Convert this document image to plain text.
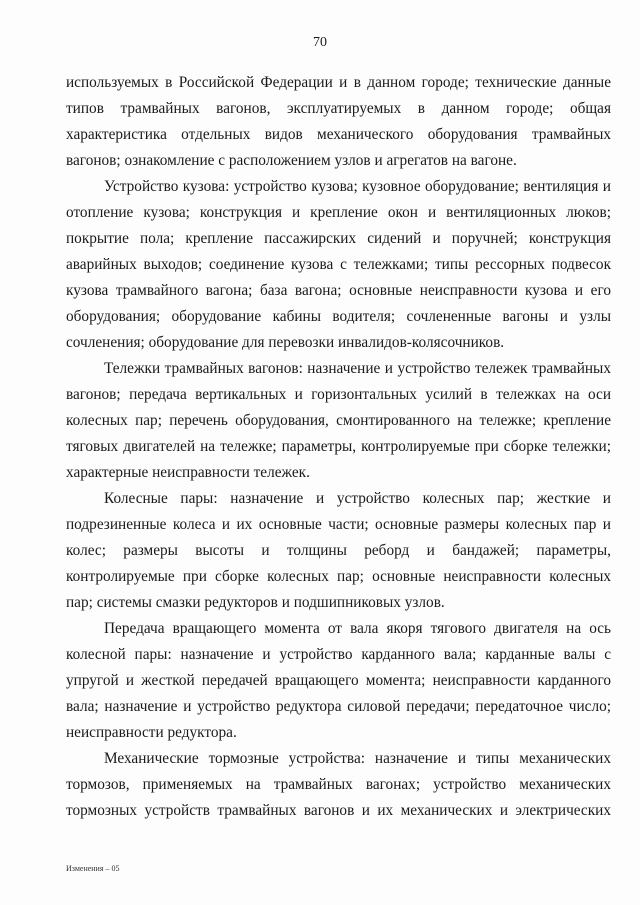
70

используемых в Российской Федерации и в данном городе; технические данные типов трамвайных вагонов, эксплуатируемых в данном городе; общая характеристика отдельных видов механического оборудования трамвайных вагонов; ознакомление с расположением узлов и агрегатов на вагоне.

Устройство кузова: устройство кузова; кузовное оборудование; вентиляция и отопление кузова; конструкция и крепление окон и вентиляционных люков; покрытие пола; крепление пассажирских сидений и поручней; конструкция аварийных выходов; соединение кузова с тележками; типы рессорных подвесок кузова трамвайного вагона; база вагона; основные неисправности кузова и его оборудования; оборудование кабины водителя; сочлененные вагоны и узлы сочленения; оборудование для перевозки инвалидов-колясочников.

Тележки трамвайных вагонов: назначение и устройство тележек трамвайных вагонов; передача вертикальных и горизонтальных усилий в тележках на оси колесных пар; перечень оборудования, смонтированного на тележке; крепление тяговых двигателей на тележке; параметры, контролируемые при сборке тележки; характерные неисправности тележек.

Колесные пары: назначение и устройство колесных пар; жесткие и подрезиненные колеса и их основные части; основные размеры колесных пар и колес; размеры высоты и толщины реборд и бандажей; параметры, контролируемые при сборке колесных пар; основные неисправности колесных пар; системы смазки редукторов и подшипниковых узлов.

Передача вращающего момента от вала якоря тягового двигателя на ось колесной пары: назначение и устройство карданного вала; карданные валы с упругой и жесткой передачей вращающего момента; неисправности карданного вала; назначение и устройство редуктора силовой передачи; передаточное число; неисправности редуктора.

Механические тормозные устройства: назначение и типы механических тормозов, применяемых на трамвайных вагонах; устройство механических тормозных устройств трамвайных вагонов и их механических и электрических

Изменения – 05
